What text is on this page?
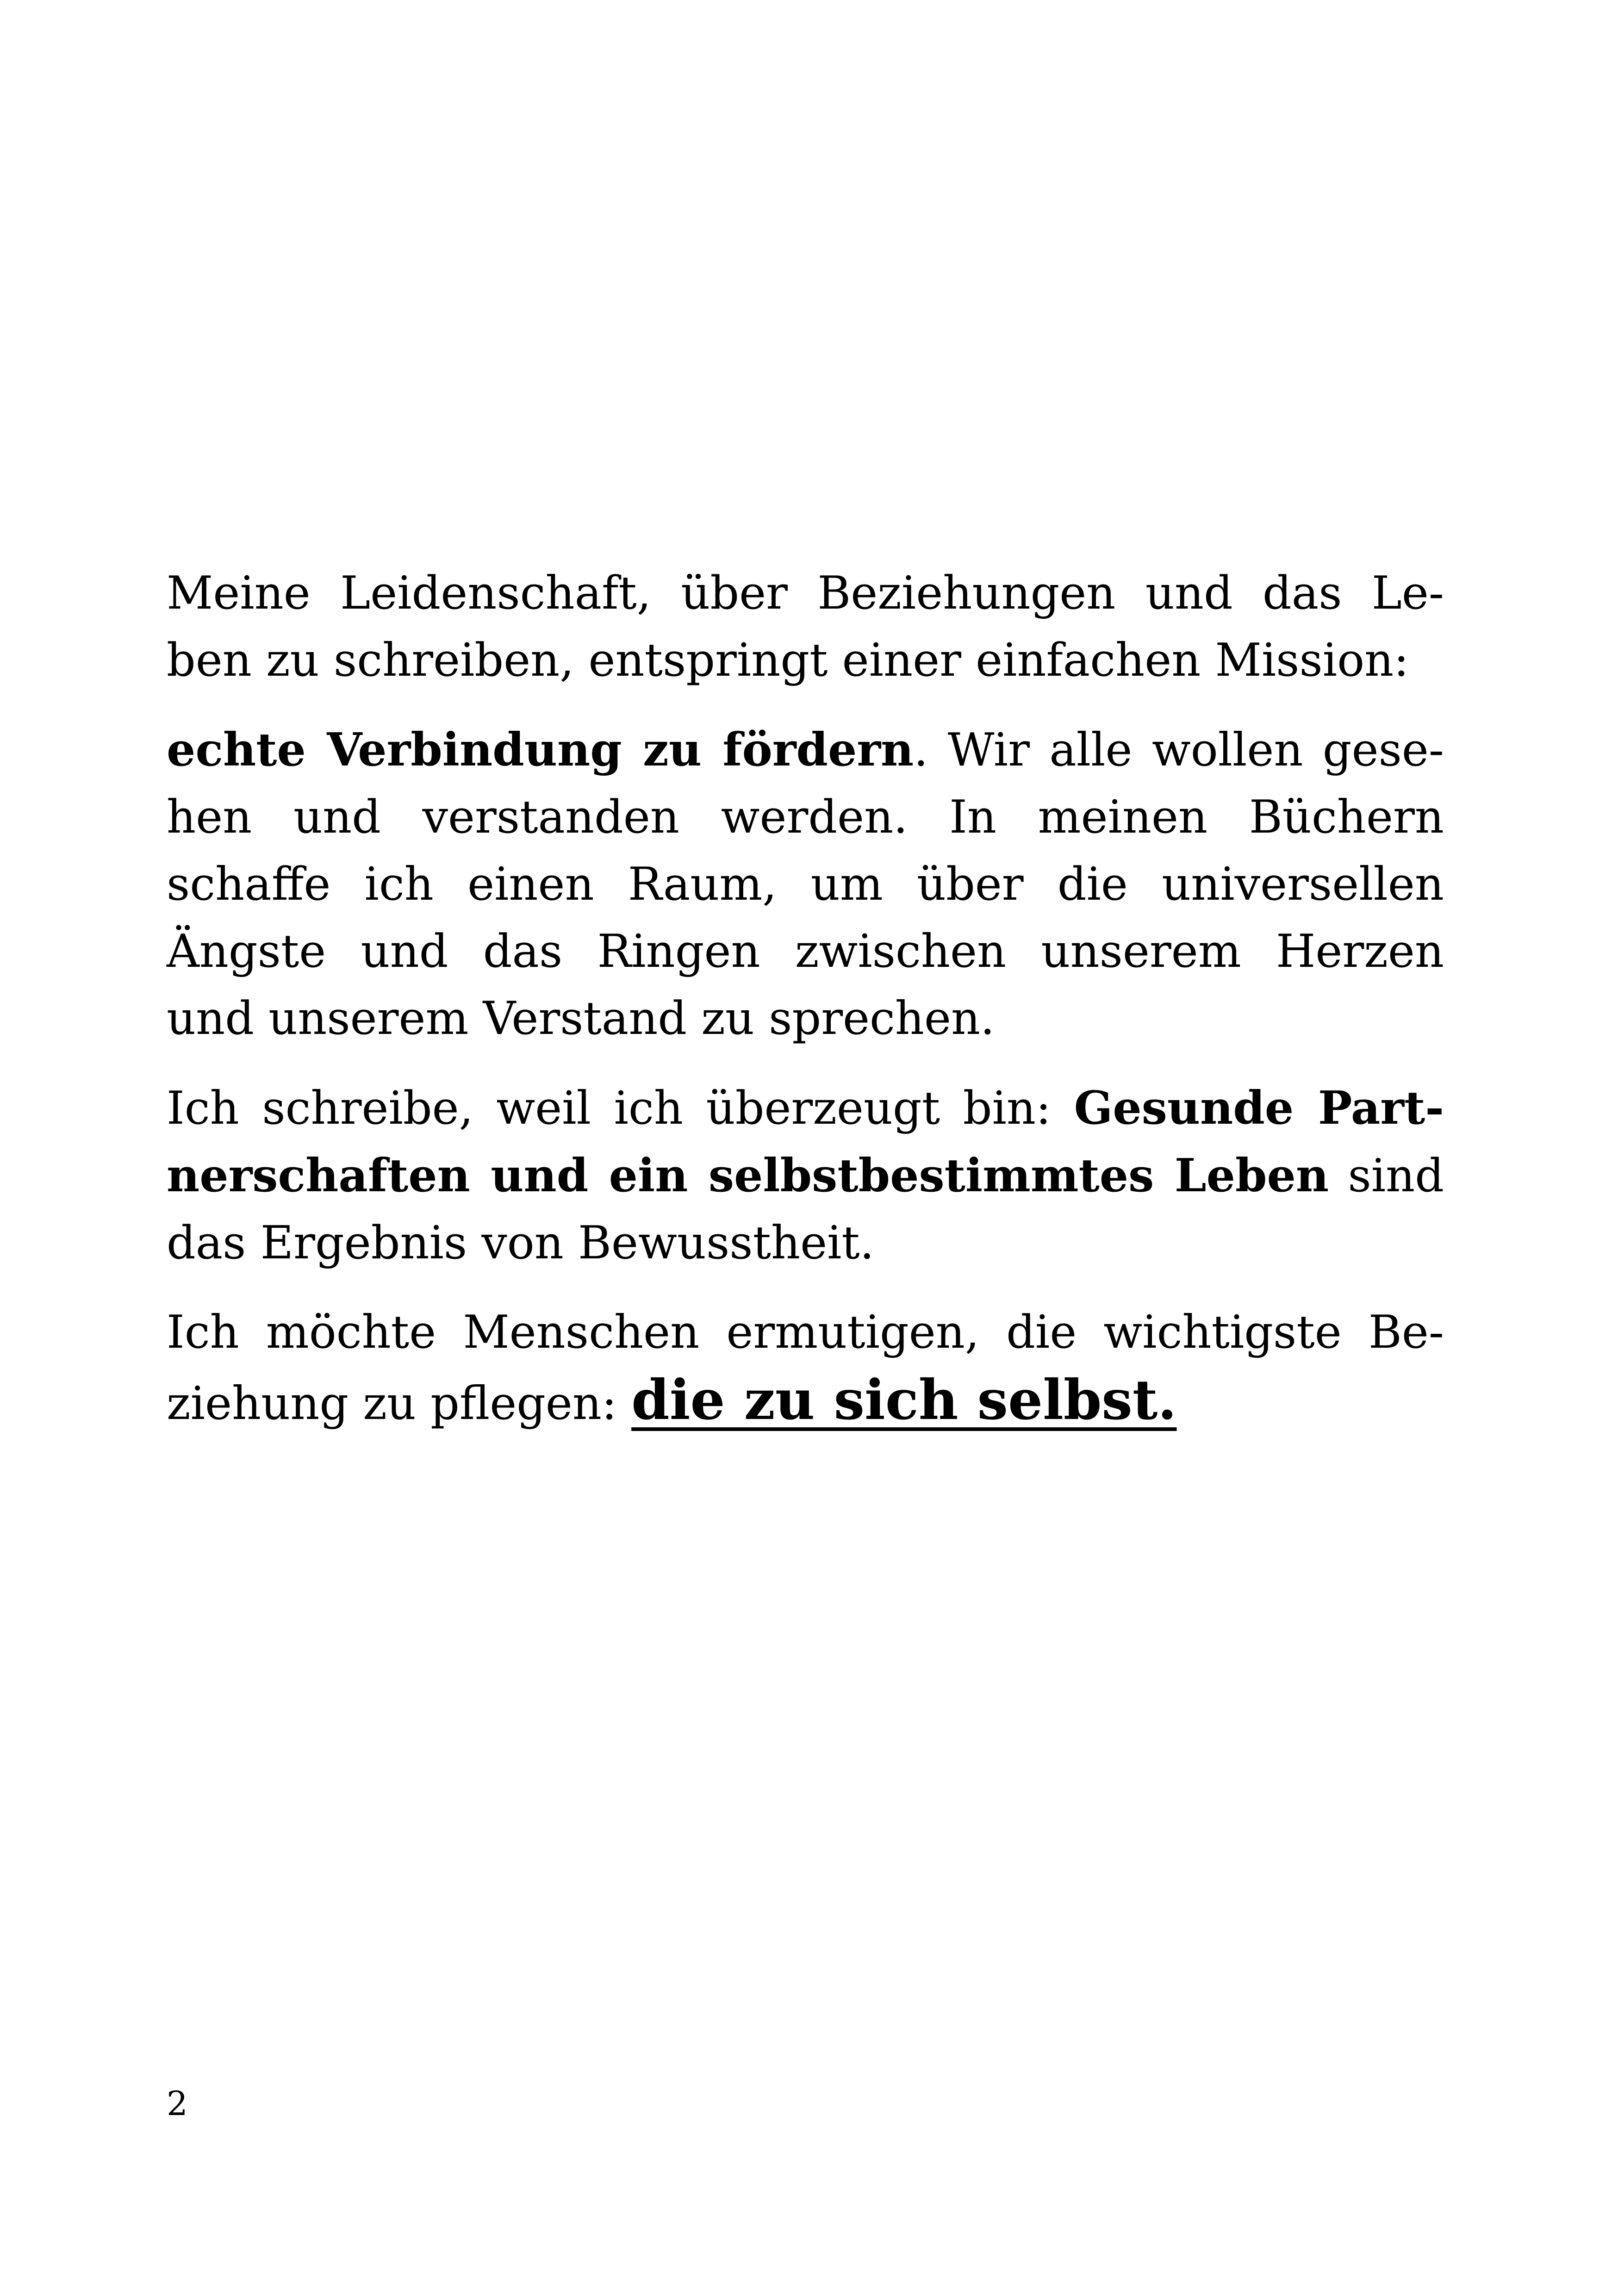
Meine Leidenschaft, über Beziehungen und das Le-
ben zu schreiben, entspringt einer einfachen Mission:

echte Verbindung zu fördern. Wir alle wollen gese-
hen und verstanden werden. In meinen Büchern
schaffe ich einen Raum, um über die universellen
Ängste und das Ringen zwischen unserem Herzen
und unserem Verstand zu sprechen.

Ich schreibe, weil ich überzeugt bin: Gesunde Part-
nerschaften und ein selbstbestimmtes Leben sind
das Ergebnis von Bewusstheit.

Ich möchte Menschen ermutigen, die wichtigste Be-
ziehung zu pflegen: die zu sich selbst.

2
